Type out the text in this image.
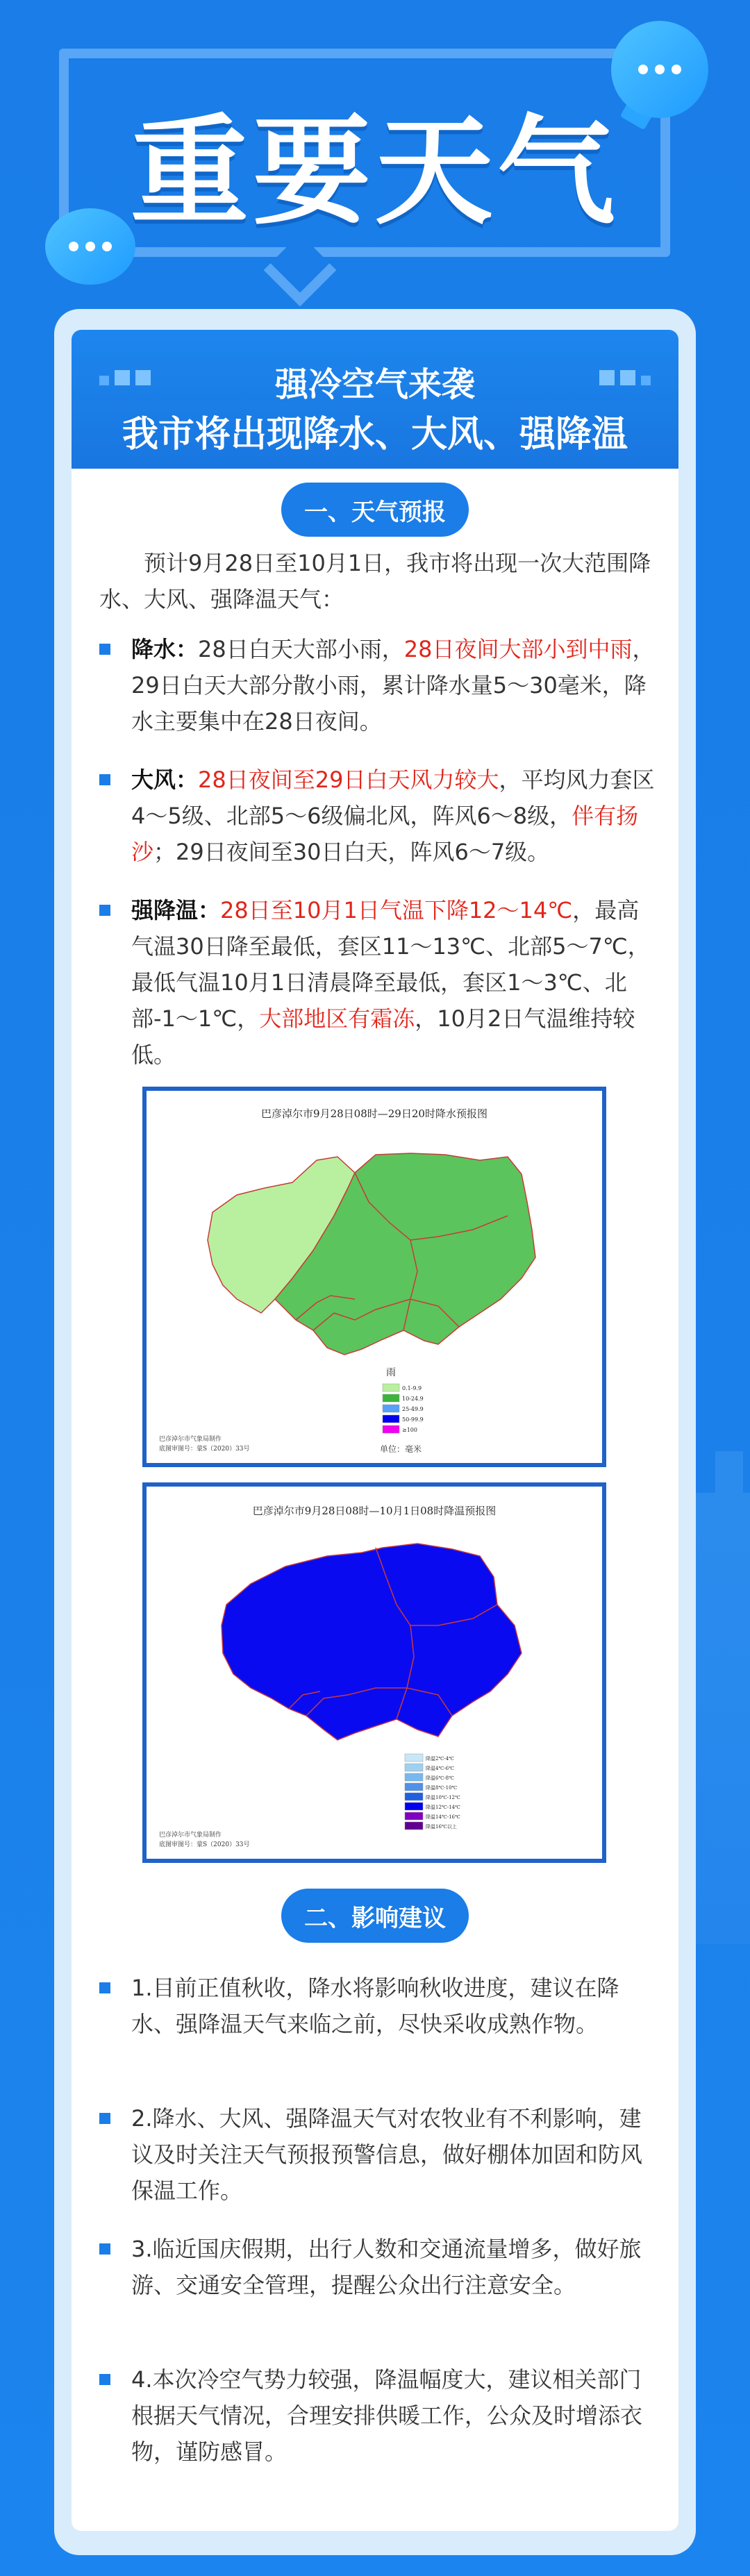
重要天气
强冷空气来袭
我市将出现降水、大风、强降温
一、天气预报
预计9月28日至10月1日，我市将出现一次大范围降水、大风、强降温天气：
降水：28日白天大部小雨，28日夜间大部小到中雨，29日白天大部分散小雨，累计降水量5～30毫米，降水主要集中在28日夜间。
大风：28日夜间至29日白天风力较大，平均风力套区4～5级、北部5～6级偏北风，阵风6～8级，伴有扬沙；29日夜间至30日白天，阵风6～7级。
强降温：28日至10月1日气温下降12～14℃，最高气温30日降至最低，套区11～13℃、北部5～7℃，最低气温10月1日清晨降至最低，套区1～3℃、北部-1～1℃，大部地区有霜冻，10月2日气温维持较低。
巴彦淖尔市9月28日08时—29日20时降水预报图
雨
0.1-9.9
10-24.9
25-49.9
50-99.9
≥100
单位：毫米
巴彦淖尔市气象局制作
底图审图号：蒙S（2020）33号
巴彦淖尔市9月28日08时—10月1日08时降温预报图
降温2℃-4℃
降温4℃-6℃
降温6℃-8℃
降温8℃-10℃
降温10℃-12℃
降温12℃-14℃
降温14℃-16℃
降温16℃以上
巴彦淖尔市气象局制作
底图审图号：蒙S（2020）33号
二、影响建议
1.目前正值秋收，降水将影响秋收进度，建议在降水、强降温天气来临之前，尽快采收成熟作物。
2.降水、大风、强降温天气对农牧业有不利影响，建议及时关注天气预报预警信息，做好棚体加固和防风保温工作。
3.临近国庆假期，出行人数和交通流量增多，做好旅游、交通安全管理，提醒公众出行注意安全。
4.本次冷空气势力较强，降温幅度大，建议相关部门根据天气情况，合理安排供暖工作，公众及时增添衣物，谨防感冒。
